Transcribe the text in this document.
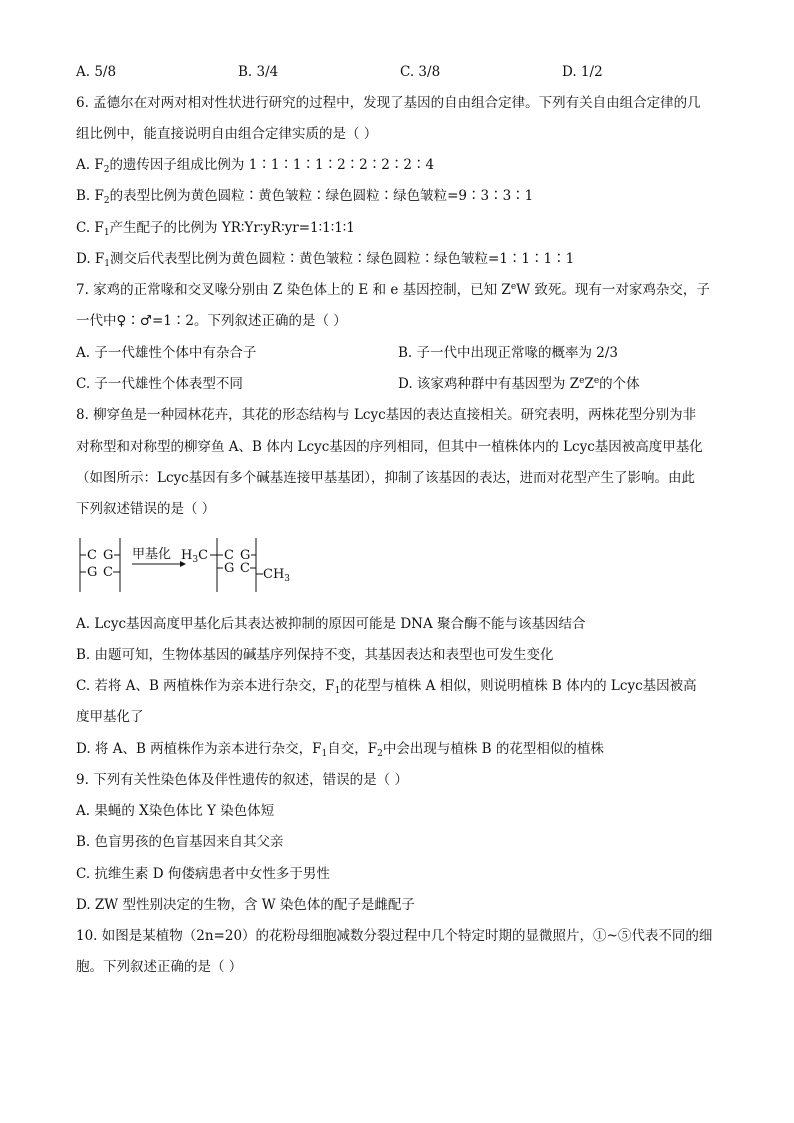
A. 5/8	B. 3/4	C. 3/8	D. 1/2
6. 孟德尔在对两对相对性状进行研究的过程中，发现了基因的自由组合定律。下列有关自由组合定律的几
组比例中，能直接说明自由组合定律实质的是（ ）
A. $F_2$的遗传因子组成比例为 1∶1∶1∶1∶2∶2∶2∶2∶4
B. $F_2$的表型比例为黄色圆粒∶黄色皱粒∶绿色圆粒∶绿色皱粒=9∶3∶3∶1
C. $F_1$产生配子的比例为 YR∶Yr∶yR∶yr=1∶1∶1∶1
D. $F_1$测交后代表型比例为黄色圆粒∶黄色皱粒∶绿色圆粒∶绿色皱粒=1∶1∶1∶1
7. 家鸡的正常喙和交叉喙分别由 Z 染色体上的 E 和 e 基因控制，已知 $Z^eW$ 致死。现有一对家鸡杂交，子
一代中♀∶♂=1∶2。下列叙述正确的是（ ）
A. 子一代雄性个体中有杂合子	B. 子一代中出现正常喙的概率为 2/3
C. 子一代雄性个体表型不同	D. 该家鸡种群中有基因型为 $Z^eZ^e$的个体
8. 柳穿鱼是一种园林花卉，其花的形态结构与 Lcyc基因的表达直接相关。研究表明，两株花型分别为非
对称型和对称型的柳穿鱼 A、B 体内 Lcyc基因的序列相同，但其中一植株体内的 Lcyc基因被高度甲基化
（如图所示：Lcyc基因有多个碱基连接甲基基团），抑制了该基因的表达，进而对花型产生了影响。由此
下列叙述错误的是（ ）
C G
G C
甲基化 $H_3C$ C G
G C $CH_3$
A. Lcyc基因高度甲基化后其表达被抑制的原因可能是 DNA 聚合酶不能与该基因结合
B. 由题可知，生物体基因的碱基序列保持不变，其基因表达和表型也可发生变化
C. 若将 A、B 两植株作为亲本进行杂交，$F_1$的花型与植株 A 相似，则说明植株 B 体内的 Lcyc基因被高
度甲基化了
D. 将 A、B 两植株作为亲本进行杂交，$F_1$自交，$F_2$中会出现与植株 B 的花型相似的植株
9. 下列有关性染色体及伴性遗传的叙述，错误的是（ ）
A. 果蝇的 X染色体比 Y 染色体短
B. 色盲男孩的色盲基因来自其父亲
C. 抗维生素 D 佝偻病患者中女性多于男性
D. ZW 型性别决定的生物，含 W 染色体的配子是雌配子
10. 如图是某植物（2n=20）的花粉母细胞减数分裂过程中几个特定时期的显微照片，①~⑤代表不同的细
胞。下列叙述正确的是（ ）
